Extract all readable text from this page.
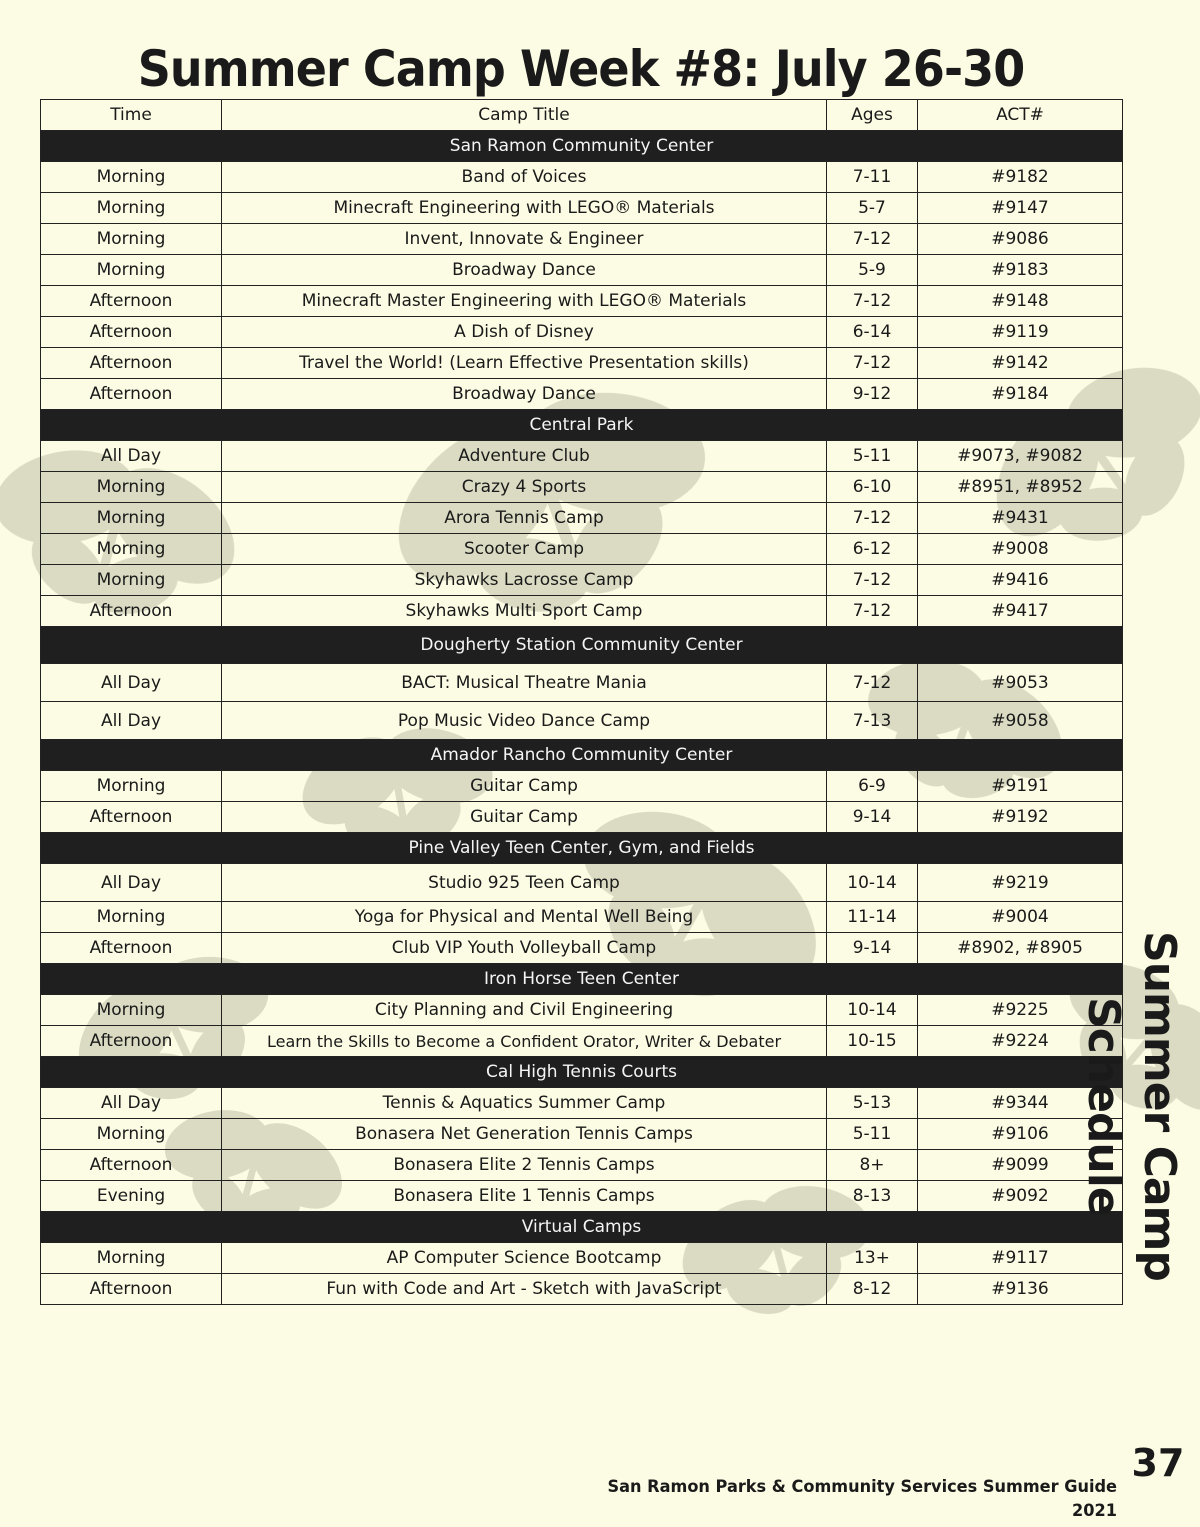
Summer Camp Week #8: July 26-30
Time	Camp Title	Ages	ACT#
San Ramon Community Center			
Morning	Band of Voices	7-11	#9182
Morning	Minecraft Engineering with LEGO® Materials	5-7	#9147
Morning	Invent, Innovate & Engineer	7-12	#9086
Morning	Broadway Dance	5-9	#9183
Afternoon	Minecraft Master Engineering with LEGO® Materials	7-12	#9148
Afternoon	A Dish of Disney	6-14	#9119
Afternoon	Travel the World! (Learn Effective Presentation skills)	7-12	#9142
Afternoon	Broadway Dance	9-12	#9184
Central Park			
All Day	Adventure Club	5-11	#9073, #9082
Morning	Crazy 4 Sports	6-10	#8951, #8952
Morning	Arora Tennis Camp	7-12	#9431
Morning	Scooter Camp	6-12	#9008
Morning	Skyhawks Lacrosse Camp	7-12	#9416
Afternoon	Skyhawks Multi Sport Camp	7-12	#9417
Dougherty Station Community Center			
All Day	BACT: Musical Theatre Mania	7-12	#9053
All Day	Pop Music Video Dance Camp	7-13	#9058
Amador Rancho Community Center			
Morning	Guitar Camp	6-9	#9191
Afternoon	Guitar Camp	9-14	#9192
Pine Valley Teen Center, Gym, and Fields			
All Day	Studio 925 Teen Camp	10-14	#9219
Morning	Yoga for Physical and Mental Well Being	11-14	#9004
Afternoon	Club VIP Youth Volleyball Camp	9-14	#8902, #8905
Iron Horse Teen Center			
Morning	City Planning and Civil Engineering	10-14	#9225
Afternoon	Learn the Skills to Become a Confident Orator, Writer & Debater	10-15	#9224
Cal High Tennis Courts			
All Day	Tennis & Aquatics Summer Camp	5-13	#9344
Morning	Bonasera Net Generation Tennis Camps	5-11	#9106
Afternoon	Bonasera Elite 2 Tennis Camps	8+	#9099
Evening	Bonasera Elite 1 Tennis Camps	8-13	#9092
Virtual Camps			
Morning	AP Computer Science Bootcamp	13+	#9117
Afternoon	Fun with Code and Art - Sketch with JavaScript	8-12	#9136
Summer Camp Schedule
37
San Ramon Parks & Community Services Summer Guide 2021
